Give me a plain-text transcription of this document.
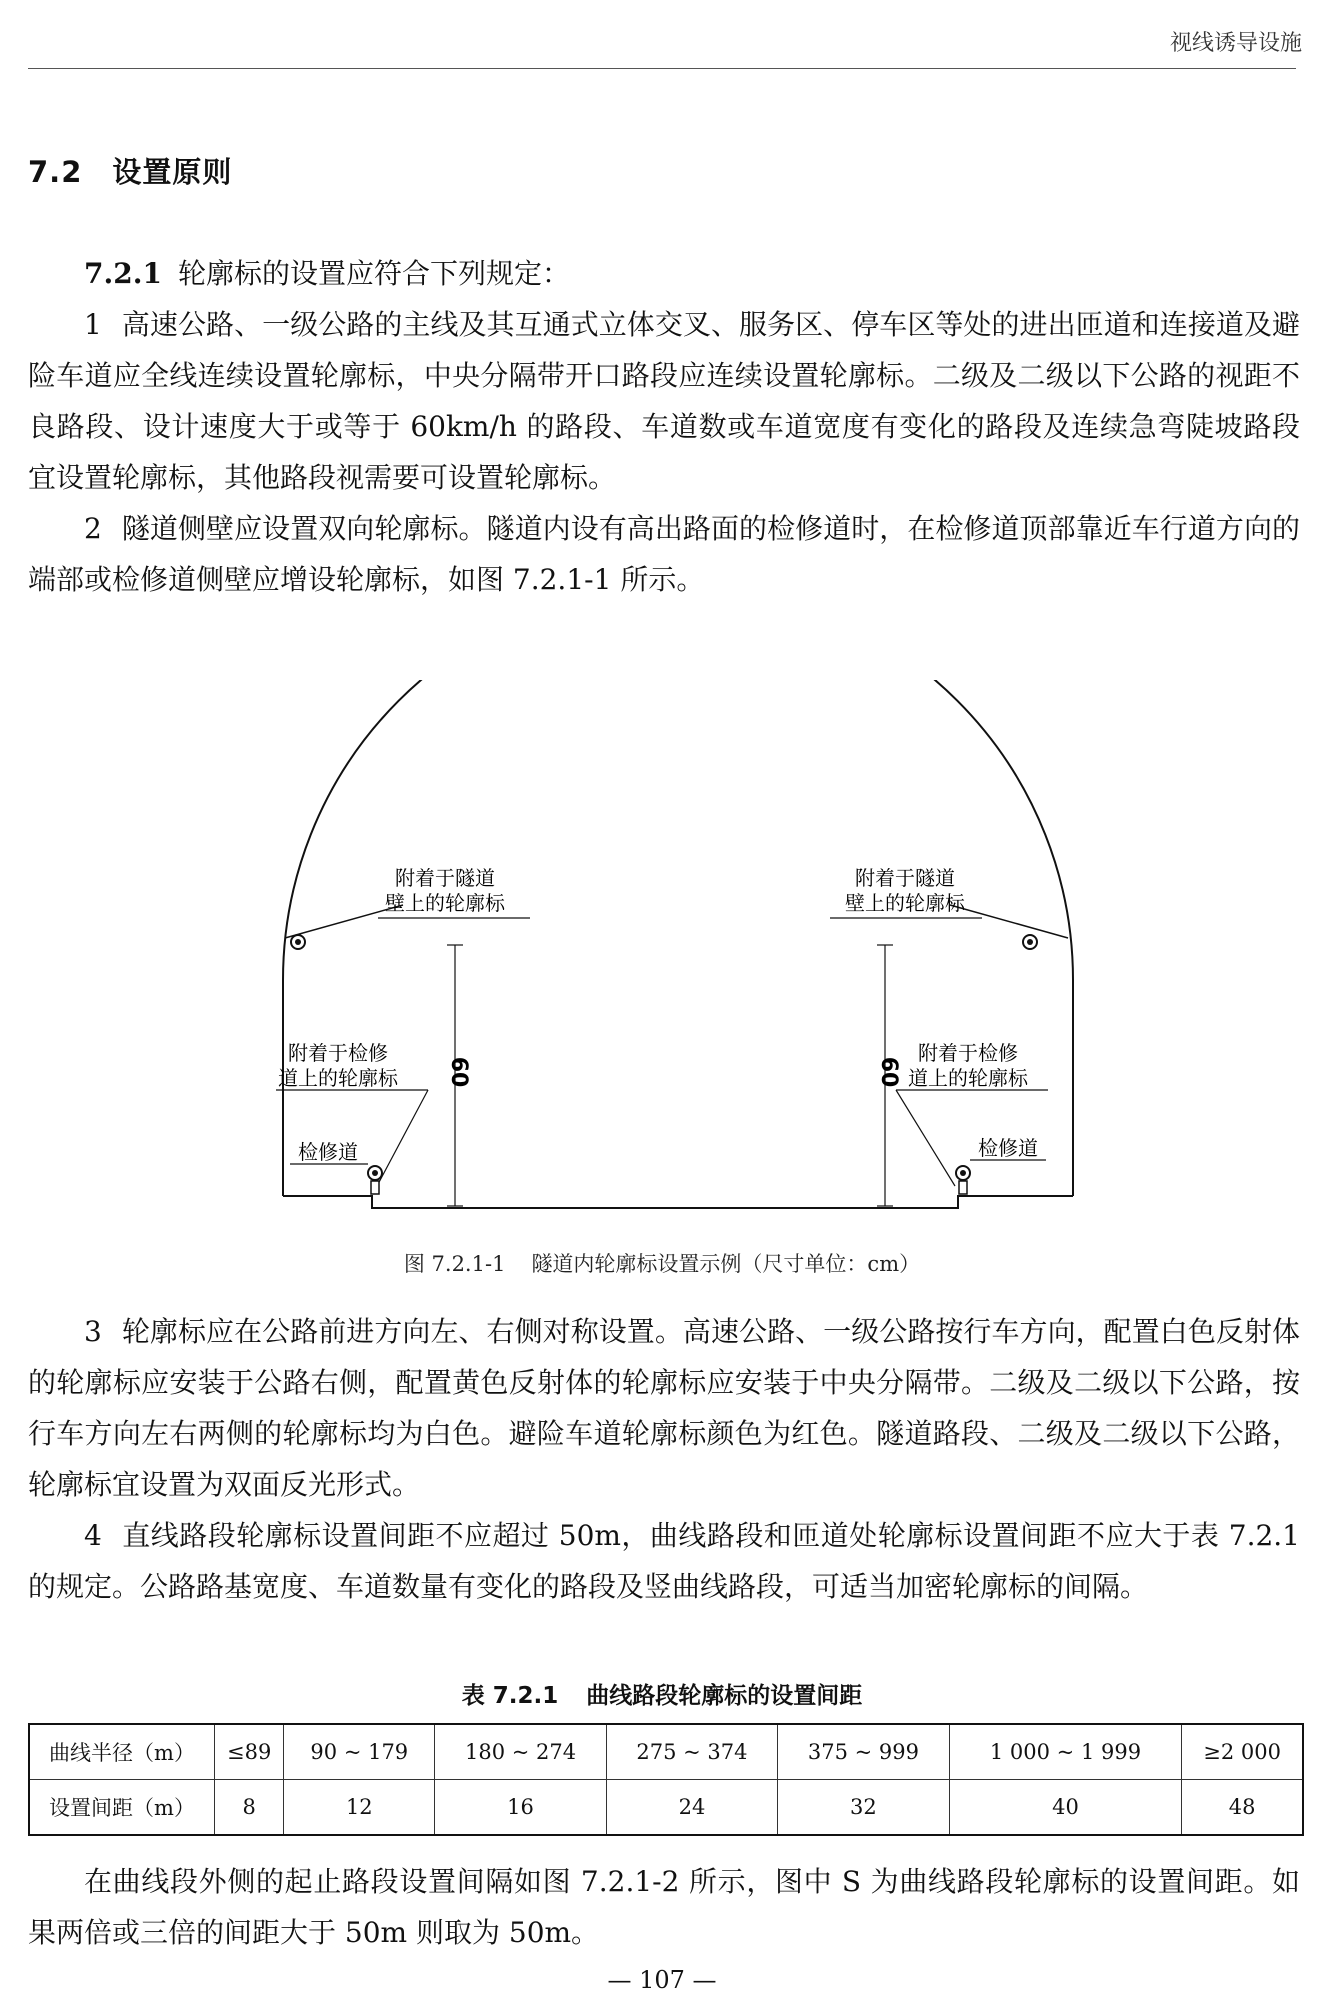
视线诱导设施
7.2 设置原则

7.2.1 轮廓标的设置应符合下列规定：

1 高速公路、一级公路的主线及其互通式立体交叉、服务区、停车区等处的进出匝道和连接道及避险车道应全线连续设置轮廓标，中央分隔带开口路段应连续设置轮廓标。二级及二级以下公路的视距不良路段、设计速度大于或等于 60km/h 的路段、车道数或车道宽度有变化的路段及连续急弯陡坡路段宜设置轮廓标，其他路段视需要可设置轮廓标。

2 隧道侧壁应设置双向轮廓标。隧道内设有高出路面的检修道时，在检修道顶部靠近车行道方向的端部或检修道侧壁应增设轮廓标，如图 7.2.1-1 所示。

附着于隧道
壁上的轮廓标
附着于隧道
壁上的轮廓标
附着于检修
道上的轮廓标
附着于检修
道上的轮廓标
检修道	检修道
60	60
图 7.2.1-1 隧道内轮廓标设置示例（尺寸单位：cm）

3 轮廓标应在公路前进方向左、右侧对称设置。高速公路、一级公路按行车方向，配置白色反射体的轮廓标应安装于公路右侧，配置黄色反射体的轮廓标应安装于中央分隔带。二级及二级以下公路，按行车方向左右两侧的轮廓标均为白色。避险车道轮廓标颜色为红色。隧道路段、二级及二级以下公路，轮廓标宜设置为双面反光形式。

4 直线路段轮廓标设置间距不应超过 50m，曲线路段和匝道处轮廓标设置间距不应大于表 7.2.1 的规定。公路路基宽度、车道数量有变化的路段及竖曲线路段，可适当加密轮廓标的间隔。

表 7.2.1 曲线路段轮廓标的设置间距
曲线半径（m）	≤89	90 ~ 179	180 ~ 274	275 ~ 374	375 ~ 999	1 000 ~ 1 999	≥2 000
设置间距（m）	8	12	16	24	32	40	48

在曲线段外侧的起止路段设置间隔如图 7.2.1-2 所示，图中 S 为曲线路段轮廓标的设置间距。如果两倍或三倍的间距大于 50m 则取为 50m。

— 107 —
